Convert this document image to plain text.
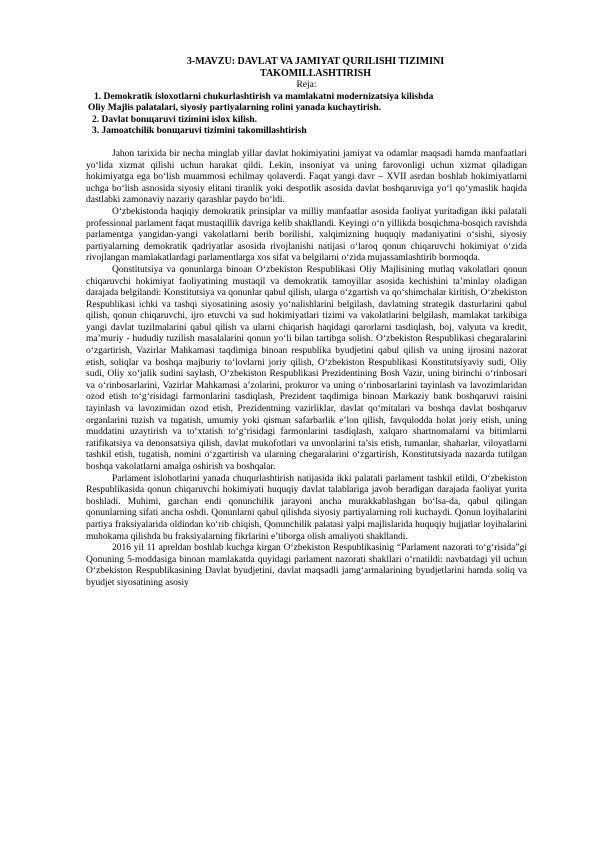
3-MAVZU: DAVLAT VA JAMIYAT QURILISHI TIZIMINI
TAKOMILLASHTIRISH
Reja:
1. Demokratik isloxotlarni chukurlashtirish va mamlakatni modernizatsiya kilishda
Oliy Majlis palatalari, siyosiy partiyalarning rolini yanada kuchaytirish.
2. Davlat bonщaruvi tizimini islox kilish.
3. Jamoatchilik bonщaruvi tizimini takomillashtirish

Jahon tarixida bir necha minglab yillar davlat hokimiyatini jamiyat va odamlar maqsadi hamda manfaatlari yo‘lida xizmat qilishi uchun harakat qildi. Lekin, insoniyat va uning farovonligi uchun xizmat qiladigan hokimiyatga ega bo‘lish muammosi echilmay qolaverdi. Faqat yangi davr – XVII asrdan boshlab hokimiyatlarni uchga bo‘lish asnosida siyosiy elitani tiranlik yoki despotlik asosida davlat boshqaruviga yo‘l qo‘ymaslik haqida dastlabki zamonaviy nazariy qarashlar paydo bo‘ldi.

O‘zbekistonda haqiqiy demokratik prinsiplar va milliy manfaatlar asosida faoliyat yuritadigan ikki palatali professional parlament faqat mustaqillik davriga kelib shakllandi. Keyingi o‘n yillikda bosqichma-bosqich ravishda parlamentga yangidan-yangi vakolatlarni berib borilishi, xalqimizning huquqiy madaniyatini o‘sishi, siyosiy partiyalarning demokratik qadriyatlar asosida rivojlanishi natijasi o‘laroq qonun chiqaruvchi hokimiyat o‘zida rivojlangan mamlakatlardagi parlamentlarga xos sifat va belgilarni o‘zida mujassamlashtirib bormoqda.

Qonstitutsiya va qonunlarga binoan O‘zbekiston Respublikasi Oliy Majlisining mutlaq vakolatlari qonun chiqaruvchi hokimiyat faoliyatining mustaqil va demokratik tamoyillar asosida kechishini ta’minlay oladigan darajada belgilandi: Konstitutsiya va qonunlar qabul qilish, ularga o‘zgartish va qo‘shimchalar kiritish, O‘zbekiston Respublikasi ichki va tashqi siyosatining asosiy yo‘nalishlarini belgilash, davlatning strategik dasturlarini qabul qilish, qonun chiqaruvchi, ijro etuvchi va sud hokimiyatlari tizimi va vakolatlarini belgilash, mamlakat tarkibiga yangi davlat tuzilmalarini qabul qilish va ularni chiqarish haqidagi qarorlarni tasdiqlash, boj, valyuta va kredit, ma’muriy - hududiy tuzilish masalalarini qonun yo‘li bilan tartibga solish. O‘zbekiston Respublikasi chegaralarini o‘zgartirish, Vazirlar Mahkamasi taqdimiga binoan respublika byudjetini qabul qilish va uning ijrosini nazorat etish, soliqlar va boshqa majburiy to‘lovlarni joriy qilish, O‘zbekiston Respublikasi Konstitutsiyaviy sudi, Oliy sudi, Oliy xo‘jalik sudini saylash, O‘zbekiston Respublikasi Prezidentining Bosh Vazir, uning birinchi o‘rinbosari va o‘rinbosarlarini, Vazirlar Mahkamasi a’zolarini, prokuror va uning o‘rinbosarlarini tayinlash va lavozimlaridan ozod etish to‘g‘risidagi farmonlarini tasdiqlash, Prezident taqdimiga binoan Markaziy bank boshqaruvi raisini tayinlash va lavozimidan ozod etish, Prezidentning vazirliklar, davlat qo‘mitalari va boshqa davlat boshqaruv organlarini tuzish va tugatish, umumiy yoki qisman safarbarlik e’lon qilish, favqulodda holat joriy etish, uning muddatini uzaytirish va to‘xtatish to‘g‘risidagi farmonlarini tasdiqlash, xalqaro shartnomalarni va bitimlarni ratifikatsiya va denonsatsiya qilish, davlat mukofotlari va unvonlarini ta’sis etish, tumanlar, shaharlar, viloyatlarni tashkil etish, tugatish, nomini o‘zgartirish va ularning chegaralarini o‘zgartirish, Konstitutsiyada nazarda tutilgan boshqa vakolatlarni amalga oshirish va boshqalar.

Parlament islohotlarini yanada chuqurlashtirish natijasida ikki palatali parlament tashkil etildi, O‘zbekiston Respublikasida qonun chiqaruvchi hokimiyati huquqiy davlat talablariga javob beradigan darajada faoliyat yurita boshladi. Muhimi, garchan endi qonunchilik jarayoni ancha murakkablashgan bo‘lsa-da, qabul qilingan qonunlarning sifati ancha oshdi. Qonunlarni qabul qilishda siyosiy partiyalarning roli kuchaydi. Qonun loyihalarini partiya fraksiyalarida oldindan ko‘rib chiqish, Qonunchilik palatasi yalpi majlislarida huquqiy hujjatlar loyihalarini muhokama qilishda bu fraksiyalarning fikrlarini e’tiborga olish amaliyoti shakllandi.

2016 yil 11 apreldan boshlab kuchga kirgan O‘zbekiston Respublikasinig “Parlament nazorati to‘g‘risida”gi Qonuning 5-moddasiga binoan mamlakatda quyidagi parlament nazorati shakllari o‘rnatildi: navbatdagi yil uchun O‘zbekiston Respublikasining Davlat byudjetini, davlat maqsadli jamg‘armalarining byudjetlarini hamda soliq va byudjet siyosatining asosiy
